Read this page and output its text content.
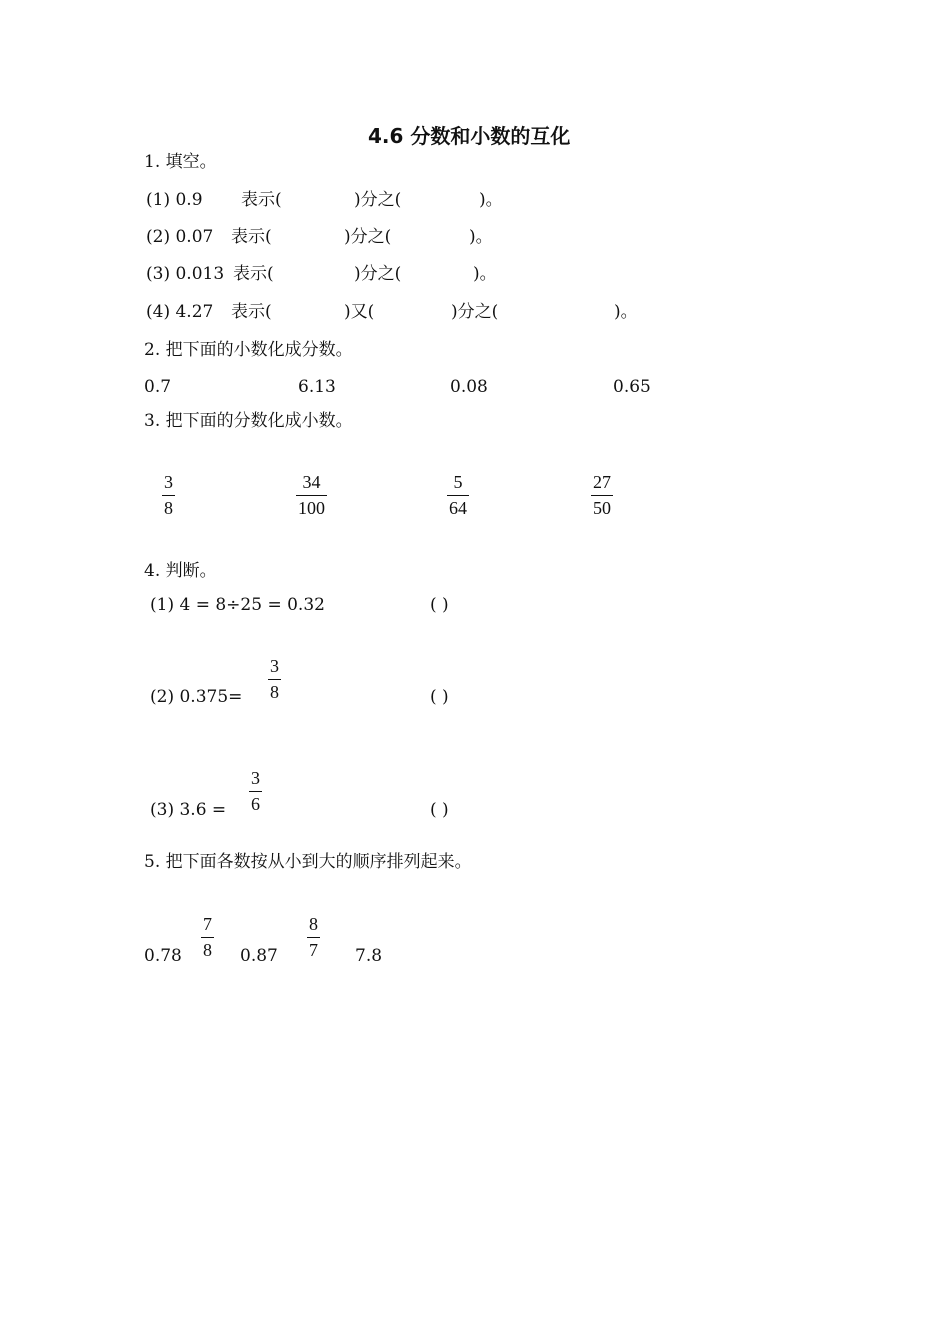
4.6 分数和小数的互化
1. 填空。
(1) 0.9 表示(	)分之(	)。
(2) 0.07 表示(	)分之(	)。
(3) 0.013 表示(	)分之(	)。
(4) 4.27 表示(	)又(	)分之(	)。
2. 把下面的小数化成分数。
0.7	6.13	0.08	0.65
3. 把下面的分数化成小数。
3
8
34
100
5
64
27
50
4. 判断。
(1) 4 = 8÷25 = 0.32	( )
(2) 0.375=
3
8	( )
(3) 3.6 =
3
6	( )
5. 把下面各数按从小到大的顺序排列起来。
0.78
7
8 0.87
8
7 7.8
